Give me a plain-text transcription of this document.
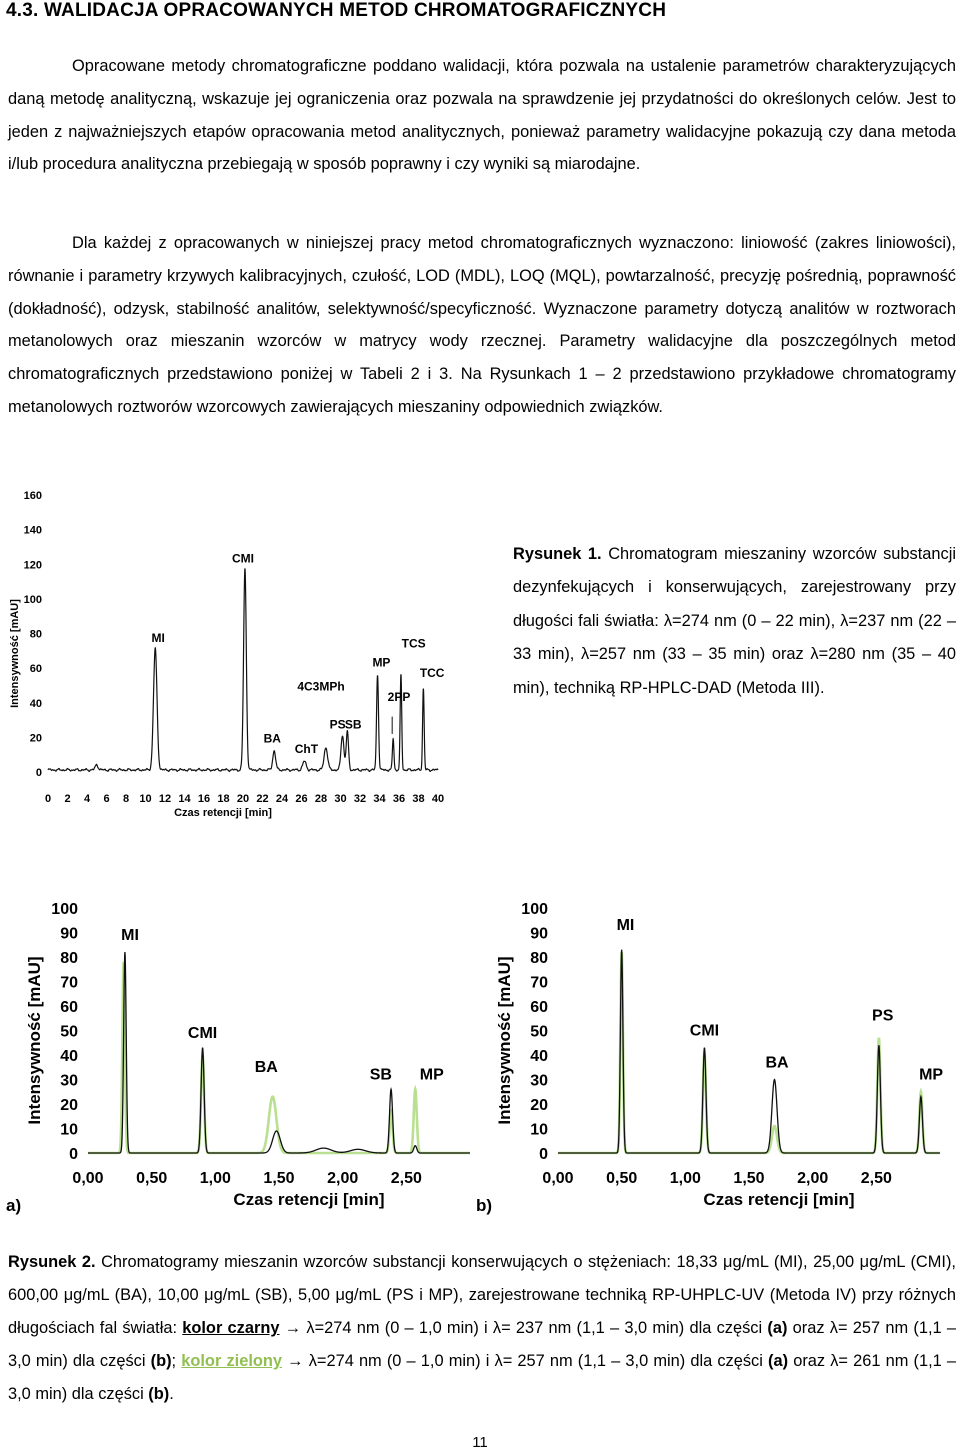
4.3. WALIDACJA OPRACOWANYCH METOD CHROMATOGRAFICZNYCH
Opracowane metody chromatograficzne poddano walidacji, która pozwala na ustalenie parametrów charakteryzujących daną metodę analityczną, wskazuje jej ograniczenia oraz pozwala na sprawdzenie jej przydatności do określonych celów. Jest to jeden z najważniejszych etapów opracowania metod analitycznych, ponieważ parametry walidacyjne pokazują czy dana metoda i/lub procedura analityczna przebiegają w sposób poprawny i czy wyniki są miarodajne.
Dla każdej z opracowanych w niniejszej pracy metod chromatograficznych wyznaczono: liniowość (zakres liniowości), równanie i parametry krzywych kalibracyjnych, czułość, LOD (MDL), LOQ (MQL), powtarzalność, precyzję pośrednią, poprawność (dokładność), odzysk, stabilność analitów, selektywność/specyficzność. Wyznaczone parametry dotyczą analitów w roztworach metanolowych oraz mieszanin wzorców w matrycy wody rzecznej. Parametry walidacyjne dla poszczególnych metod chromatograficznych przedstawiono poniżej w Tabeli 2 i 3. Na Rysunkach 1 – 2 przedstawiono przykładowe chromatogramy metanolowych roztworów wzorcowych zawierających mieszaniny odpowiednich związków.
0
20
40
60
80
100
120
140
160
0 2 4 6 8 10 12 14 16 18 20 22 24 26 28 30 32 34 36 38 40
Czas retencji [min]
Intensywność [mAU]	MI
CMI
BA
ChT
4C3MPh
PS SB
MP
2PP
TCS
TCC
Rysunek 1. Chromatogram mieszaniny wzorców substancji dezynfekujących i konserwujących, zarejestrowany przy długości fali światła: λ=274 nm (0 – 22 min), λ=237 nm (22 – 33 min), λ=257 nm (33 – 35 min) oraz λ=280 nm (35 – 40 min), techniką RP-HPLC-DAD (Metoda III).
0
10
20
30
40
50
60
70
80
90
100
0,00 0,50 1,00 1,50 2,00 2,50
Czas retencji [min]
Intensywność [mAU]
MI
CMI
BA	SB MP
0
10
20
30
40
50
60
70
80
90
100
0,00 0,50 1,00 1,50 2,00 2,50
Czas retencji [min]
Intensywność [mAU]
MI
CMI
BA
PS
MP
a)	b)
Rysunek 2. Chromatogramy mieszanin wzorców substancji konserwujących o stężeniach: 18,33 μg/mL (MI), 25,00 μg/mL (CMI), 600,00 μg/mL (BA), 10,00 μg/mL (SB), 5,00 μg/mL (PS i MP), zarejestrowane techniką RP-UHPLC-UV (Metoda IV) przy różnych długościach fal światła: kolor czarny → λ=274 nm (0 – 1,0 min) i λ= 237 nm (1,1 – 3,0 min) dla części (a) oraz λ= 257 nm (1,1 – 3,0 min) dla części (b); kolor zielony → λ=274 nm (0 – 1,0 min) i λ= 257 nm (1,1 – 3,0 min) dla części (a) oraz λ= 261 nm (1,1 – 3,0 min) dla części (b).
11
